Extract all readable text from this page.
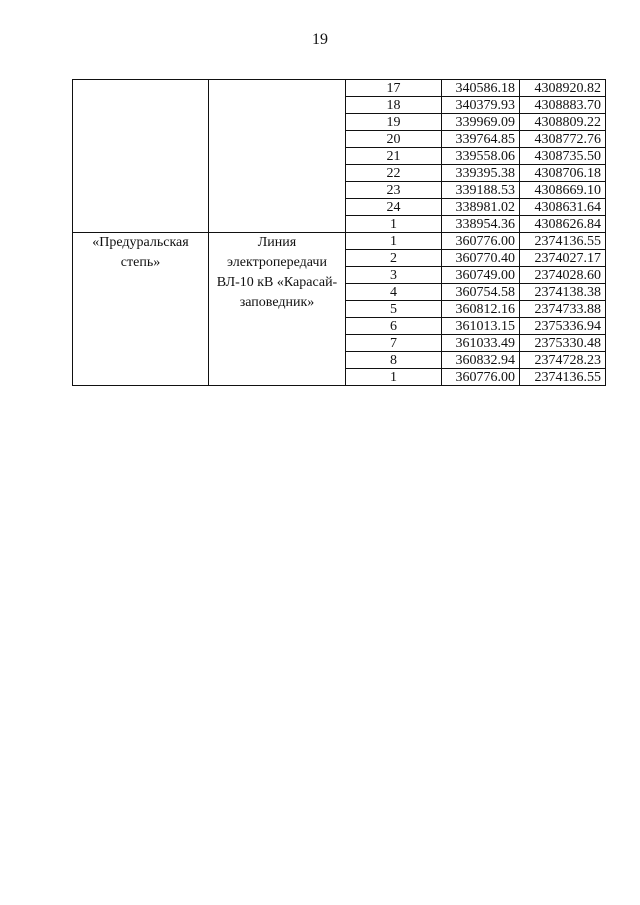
19
		17	340586.18	4308920.82
		18	340379.93	4308883.70
		19	339969.09	4308809.22
		20	339764.85	4308772.76
		21	339558.06	4308735.50
		22	339395.38	4308706.18
		23	339188.53	4308669.10
		24	338981.02	4308631.64
		1	338954.36	4308626.84
«Предуральская степь»	Линия электропередачи ВЛ-10 кВ «Карасай-заповедник»	1	360776.00	2374136.55
		2	360770.40	2374027.17
		3	360749.00	2374028.60
		4	360754.58	2374138.38
		5	360812.16	2374733.88
		6	361013.15	2375336.94
		7	361033.49	2375330.48
		8	360832.94	2374728.23
		1	360776.00	2374136.55
